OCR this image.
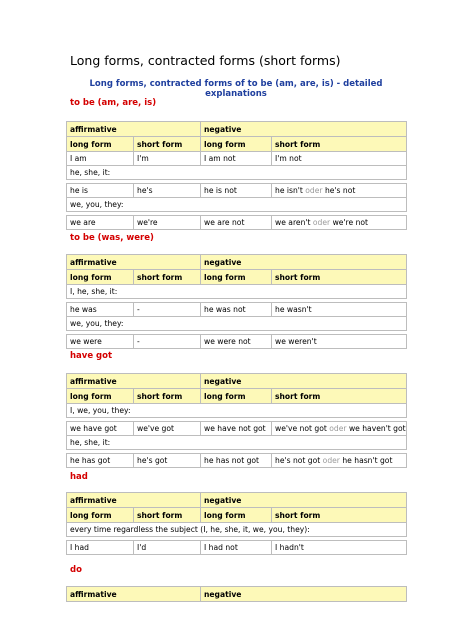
Long forms, contracted forms (short forms)
Long forms, contracted forms of to be (am, are, is) - detailed explanations
to be (am, are, is)
affirmative		negative	
long form	short form	long form	short form
I am	I'm	I am not	I'm not
he, she, it:			

he is	he's	he is not	he isn't oder he's not
we, you, they:			

we are	we're	we are not	we aren't oder we're not
to be (was, were)
affirmative		negative	
long form	short form	long form	short form
I, he, she, it:			

he was	-	he was not	he wasn't
we, you, they:			

we were	-	we were not	we weren't
have got
affirmative		negative	
long form	short form	long form	short form
I, we, you, they:			

we have got	we've got	we have not got	we've not got oder we haven't got
he, she, it:			

he has got	he's got	he has not got	he's not got oder he hasn't got
had
affirmative		negative	
long form	short form	long form	short form
every time regardless the subject (I, he, she, it, we, you, they):			

I had	I'd	I had not	I hadn't
do
affirmative	negative
